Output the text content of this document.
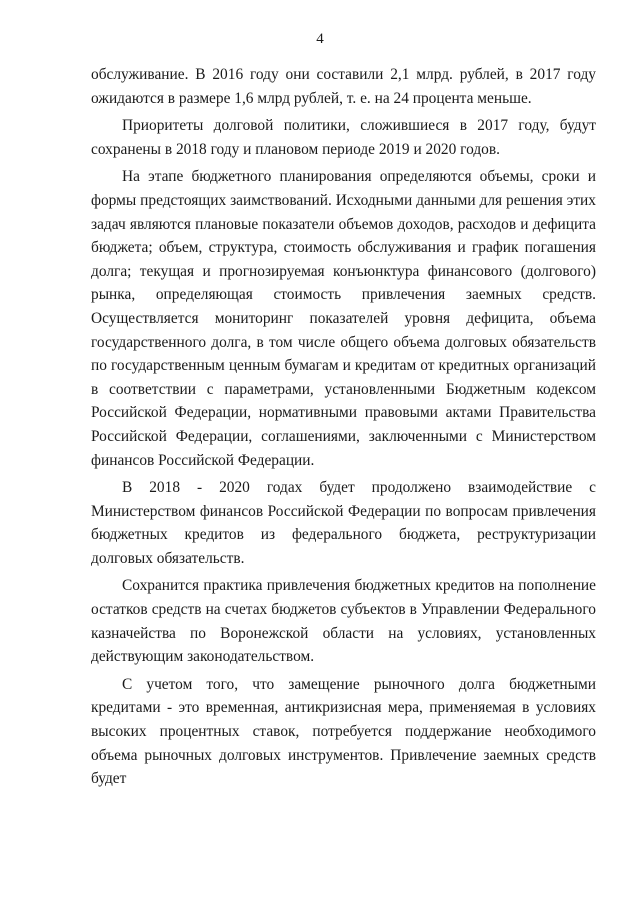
4

обслуживание. В 2016 году они составили 2,1 млрд. рублей, в 2017 году ожидаются в размере 1,6 млрд рублей, т. е. на 24 процента меньше.

Приоритеты долговой политики, сложившиеся в 2017 году, будут сохранены в 2018 году и плановом периоде 2019 и 2020 годов.

На этапе бюджетного планирования определяются объемы, сроки и формы предстоящих заимствований. Исходными данными для решения этих задач являются плановые показатели объемов доходов, расходов и дефицита бюджета; объем, структура, стоимость обслуживания и график погашения долга; текущая и прогнозируемая конъюнктура финансового (долгового) рынка, определяющая стоимость привлечения заемных средств. Осуществляется мониторинг показателей уровня дефицита, объема государственного долга, в том числе общего объема долговых обязательств по государственным ценным бумагам и кредитам от кредитных организаций в соответствии с параметрами, установленными Бюджетным кодексом Российской Федерации, нормативными правовыми актами Правительства Российской Федерации, соглашениями, заключенными с Министерством финансов Российской Федерации.

В 2018 - 2020 годах будет продолжено взаимодействие с Министерством финансов Российской Федерации по вопросам привлечения бюджетных кредитов из федерального бюджета, реструктуризации долговых обязательств.

Сохранится практика привлечения бюджетных кредитов на пополнение остатков средств на счетах бюджетов субъектов в Управлении Федерального казначейства по Воронежской области на условиях, установленных действующим законодательством.

С учетом того, что замещение рыночного долга бюджетными кредитами - это временная, антикризисная мера, применяемая в условиях высоких процентных ставок, потребуется поддержание необходимого объема рыночных долговых инструментов. Привлечение заемных средств будет
